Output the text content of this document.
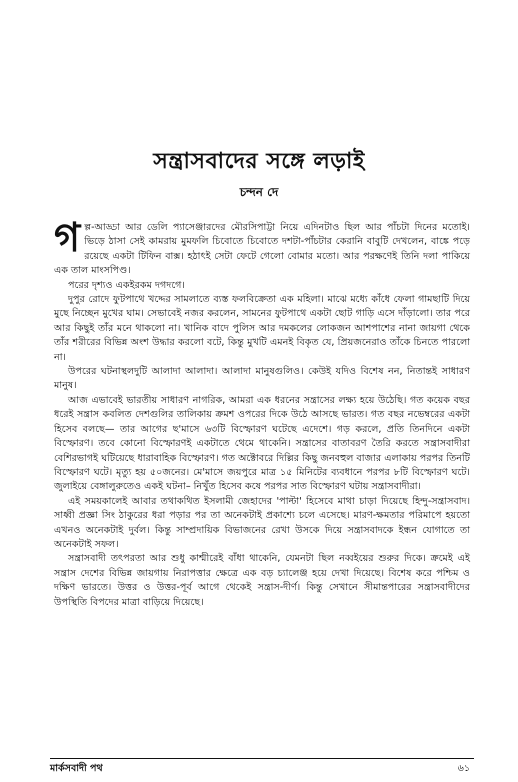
সন্ত্রাসবাদের সঙ্গে লড়াই
চন্দন দে

গল্প-আড্ডা আর ডেলি প্যাসেঞ্জারদের মৌরসিপাট্টা নিয়ে এদিনটাও ছিল আর পাঁচটা দিনের মতোই। ভিড়ে ঠাসা সেই কামরায় মুমফলি চিবোতে চিবোতে দশটা-পাঁচটার কেরানি বাবুটি দেখলেন, বাঙ্কে পড়ে রয়েছে একটা টিফিন বাক্স। হঠাৎই সেটা ফেটে গেলো বোমার মতো। আর পরক্ষণেই তিনি দলা পাকিয়ে এক তাল মাংসপিণ্ড।

পরের দৃশ্যও একইরকম দগদগে।

দুপুর রোদে ফুটপাথে খদ্দের সামলাতে ব্যস্ত ফলবিক্রেতা এক মহিলা। মাঝে মধ্যে কাঁধে ফেলা গামছাটি দিয়ে মুছে নিচ্ছেন মুখের ঘাম। সেভাবেই নজর করলেন, সামনের ফুটপাথে একটা ছোট গাড়ি এসে দাঁড়ালো। তার পরে আর কিছুই তাঁর মনে থাকলো না। খানিক বাদে পুলিস আর দমকলের লোকজন আশপাশের নানা জায়গা থেকে তাঁর শরীরের বিভিন্ন অংশ উদ্ধার করলো বটে, কিন্তু মুখটি এমনই বিকৃত যে, প্রিয়জনেরাও তাঁকে চিনতে পারলো না।

উপরের ঘটনাস্থলদুটি আলাদা আলাদা। আলাদা মানুষগুলিও। কেউই যদিও বিশেষ নন, নিতান্তই সাধারণ মানুষ।

আজ এভাবেই ভারতীয় সাধারণ নাগরিক, আমরা এক ধরনের সন্ত্রাসের লক্ষ্য হয়ে উঠেছি। গত কয়েক বছর ধরেই সন্ত্রাস কবলিত দেশগুলির তালিকায় ক্রমশ ওপরের দিকে উঠে আসছে ভারত। গত বছর নভেম্বরের একটা হিসেব বলছে— তার আগের ছ'মাসে ৬৩টি বিস্ফোরণ ঘটেছে এদেশে। গড় করলে, প্রতি তিনদিনে একটা বিস্ফোরণ। তবে কোনো বিস্ফোরণই একটাতে থেমে থাকেনি। সন্ত্রাসের বাতাবরণ তৈরি করতে সন্ত্রাসবাদীরা বেশিরভাগই ঘটিয়েছে ধারাবাহিক বিস্ফোরণ। গত অক্টোবরে দিল্লির কিছু জনবহুল বাজার এলাকায় পরপর তিনটি বিস্ফোরণ ঘটে। মৃত্যু হয় ৫০জনের। মে'মাসে জয়পুরে মাত্র ১৫ মিনিটের ব্যবধানে পরপর ৮টি বিস্ফোরণ ঘটে। জুলাইয়ে বেঙ্গালুরুতেও একই ঘটনা– নিখুঁত হিসেব কষে পরপর সাত বিস্ফোরণ ঘটায় সন্ত্রাসবাদীরা।

এই সময়কালেই আবার তথাকথিত ইসলামী জেহাদের 'পাল্টা' হিসেবে মাথা চাড়া দিয়েছে হিন্দু-সন্ত্রাসবাদ। সাধ্বী প্রজ্ঞা সিং ঠাকুরের ধরা পড়ার পর তা অনেকটাই প্রকাশ্যে চলে এসেছে। মারণ-ক্ষমতার পরিমাপে হয়তো এখনও অনেকটাই দুর্বল। কিন্তু সাম্প্রদায়িক বিভাজনের রেখা উসকে দিয়ে সন্ত্রাসবাদকে ইন্ধন যোগাতে তা অনেকটাই সফল।

সন্ত্রাসবাদী তৎপরতা আর শুধু কাশ্মীরেই বাঁধা থাকেনি, যেমনটা ছিল নব্বইয়ের শুরুর দিকে। ক্রমেই এই সন্ত্রাস দেশের বিভিন্ন জায়গায় নিরাপত্তার ক্ষেত্রে এক বড় চ্যালেঞ্জ হয়ে দেখা দিয়েছে। বিশেষ করে পশ্চিম ও দক্ষিণ ভারতে। উত্তর ও উত্তর-পূর্ব আগে থেকেই সন্ত্রাস-দীর্ণ। কিন্তু সেখানে সীমান্তপারের সন্ত্রাসবাদীদের উপস্থিতি বিপদের মাত্রা বাড়িয়ে দিয়েছে।

মার্কসবাদী পথ	৬১
